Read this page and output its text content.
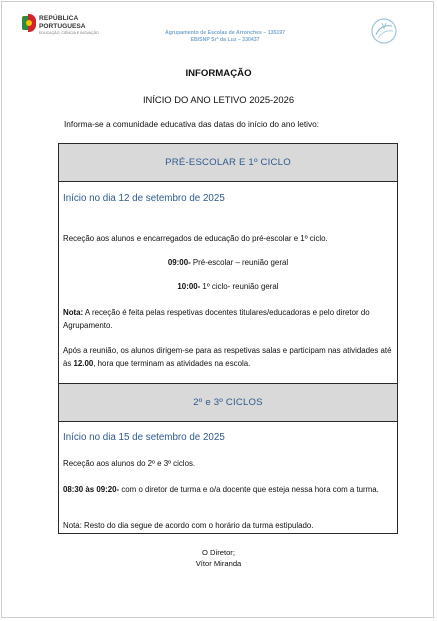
REPÚBLICA
PORTUGUESA
EDUCAÇÃO, CIÊNCIA E INOVAÇÃO	Agrupamento de Escolas de Arronches – 135197
EB/SNP Srª da Luz – 330437
INFORMAÇÃO
INÍCIO DO ANO LETIVO 2025-2026
Informa-se a comunidade educativa das datas do início do ano letivo:
PRÉ-ESCOLAR E 1º CICLO
Início no dia 12 de setembro de 2025
Receção aos alunos e encarregados de educação do pré-escolar e 1º ciclo.
09:00- Pré-escolar – reunião geral
10:00- 1º ciclo- reunião geral
Nota: A receção é feita pelas respetivas docentes titulares/educadoras e pelo diretor do Agrupamento.
Após a reunião, os alunos dirigem-se para as respetivas salas e participam nas atividades até às 12.00, hora que terminam as atividades na escola.
2º e 3º CICLOS
Início no dia 15 de setembro de 2025
Receção aos alunos do 2º e 3º ciclos.
08:30 às 09:20- com o diretor de turma e o/a docente que esteja nessa hora com a turma.
Nota: Resto do dia segue de acordo com o horário da turma estipulado.
O Diretor;
Vítor Miranda
